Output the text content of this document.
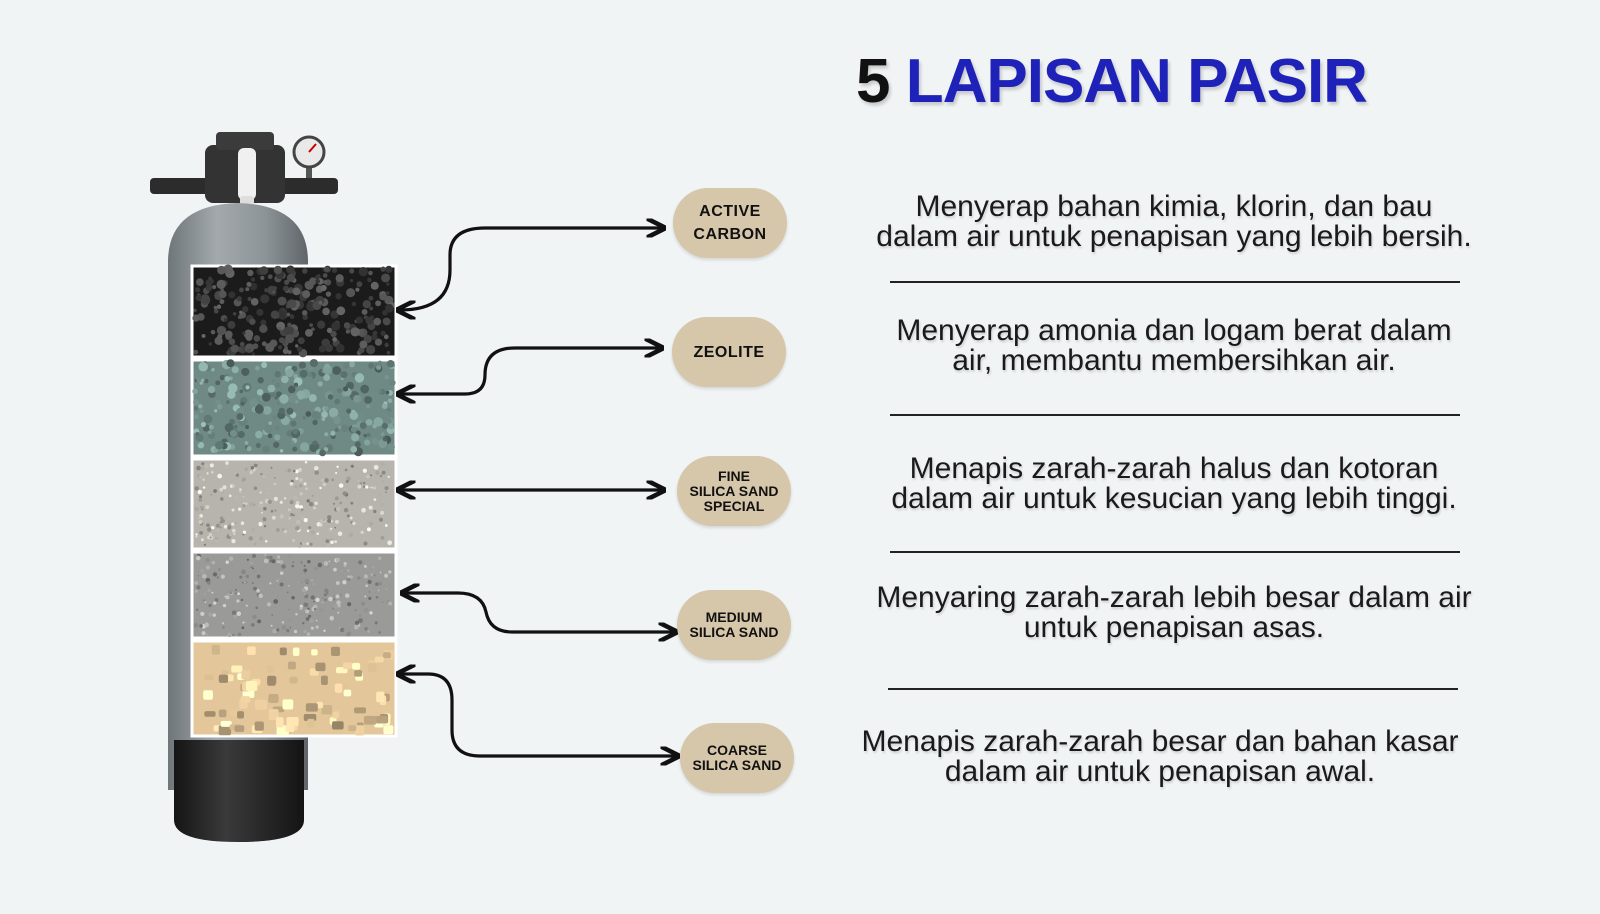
5 LAPISAN PASIR
ACTIVE
CARBON
ZEOLITE
FINE
SILICA SAND
SPECIAL
MEDIUM
SILICA SAND
COARSE
SILICA SAND
Menyerap bahan kimia, klorin, dan bau
dalam air untuk penapisan yang lebih bersih.
Menyerap amonia dan logam berat dalam
air, membantu membersihkan air.
Menapis zarah-zarah halus dan kotoran
dalam air untuk kesucian yang lebih tinggi.
Menyaring zarah-zarah lebih besar dalam air
untuk penapisan asas.
Menapis zarah-zarah besar dan bahan kasar
dalam air untuk penapisan awal.
